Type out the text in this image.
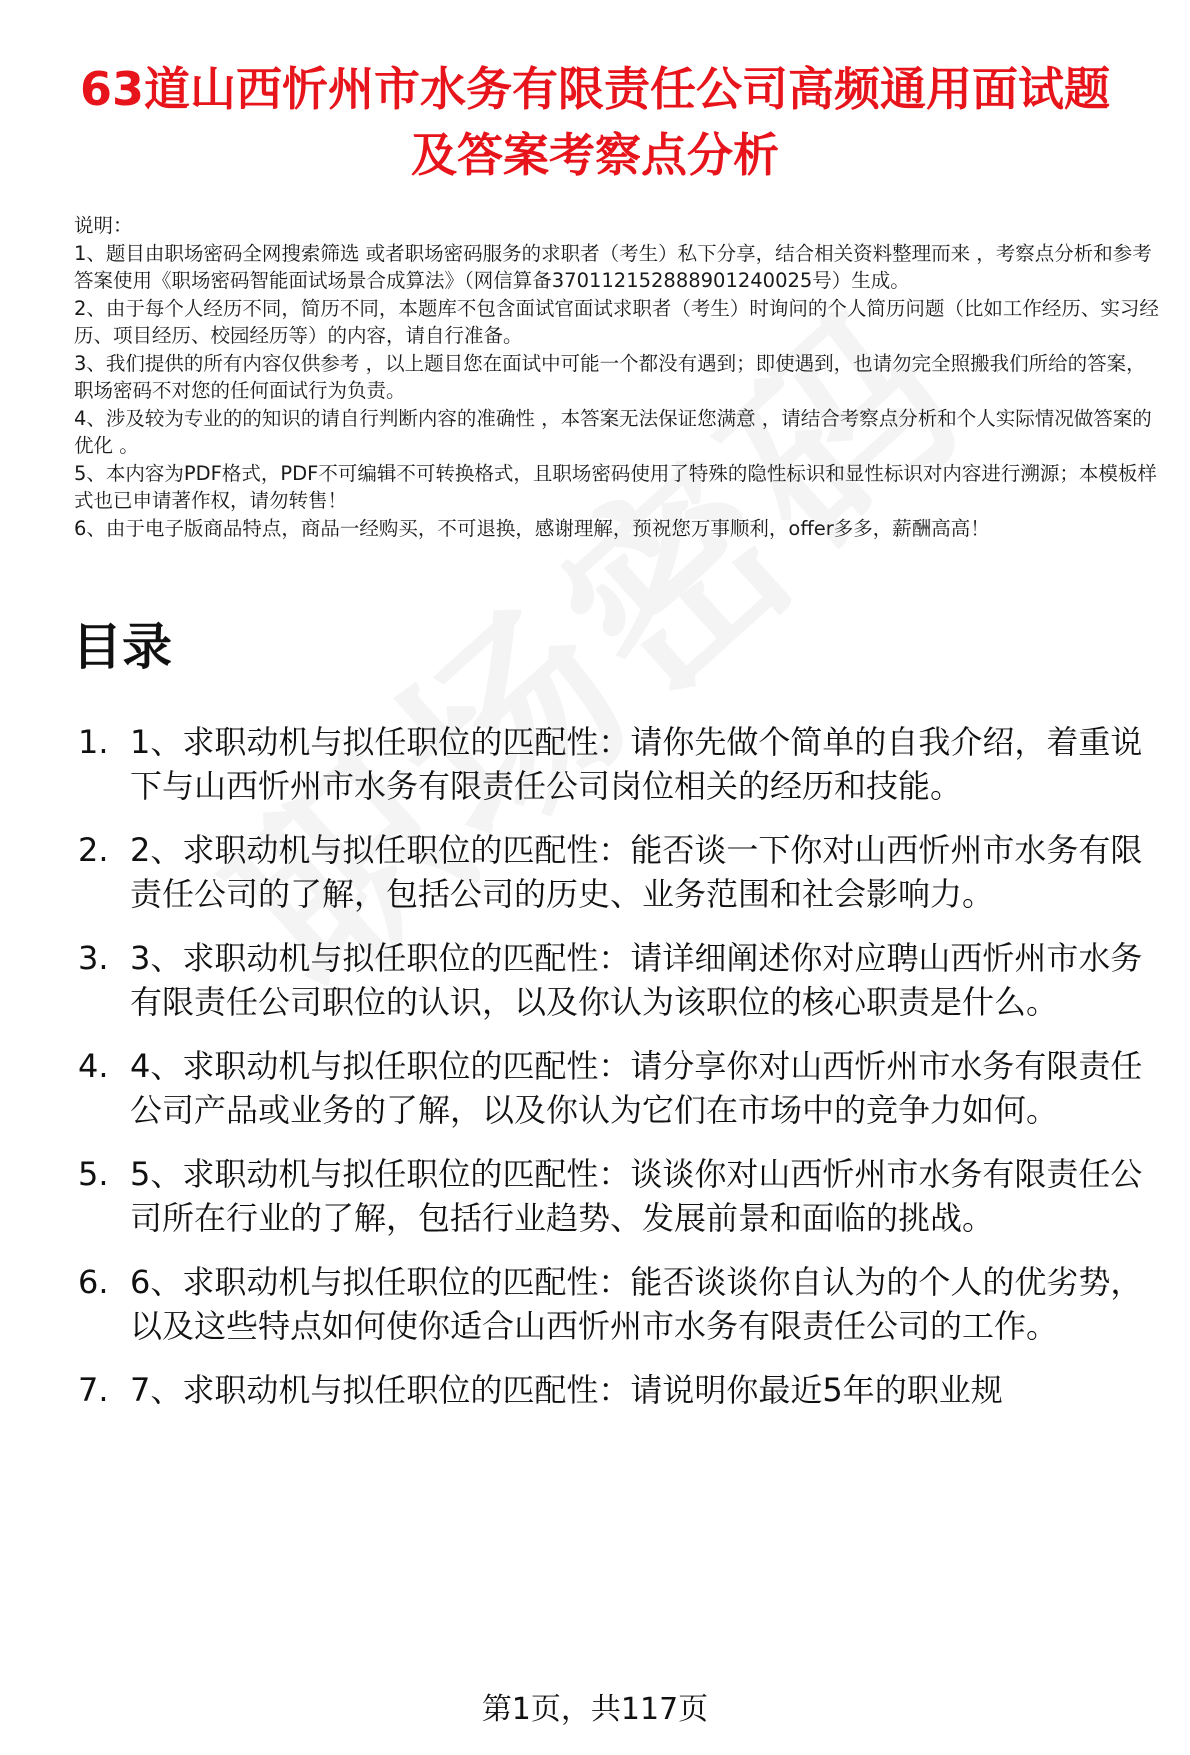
63道山西忻州市水务有限责任公司高频通用面试题及答案考察点分析
说明：
1、题目由职场密码全网搜索筛选 或者职场密码服务的求职者（考生）私下分享，结合相关资料整理而来 ，考察点分析和参考答案使用《职场密码智能面试场景合成算法》（网信算备370112152888901240025号）生成。
2、由于每个人经历不同，简历不同，本题库不包含面试官面试求职者（考生）时询问的个人简历问题（比如工作经历、实习经历、项目经历、校园经历等）的内容，请自行准备。
3、我们提供的所有内容仅供参考 ，以上题目您在面试中可能一个都没有遇到；即使遇到，也请勿完全照搬我们所给的答案，职场密码不对您的任何面试行为负责。
4、涉及较为专业的的知识的请自行判断内容的准确性 ，本答案无法保证您满意 ，请结合考察点分析和个人实际情况做答案的优化 。
5、本内容为PDF格式，PDF不可编辑不可转换格式，且职场密码使用了特殊的隐性标识和显性标识对内容进行溯源；本模板样式也已申请著作权，请勿转售！
6、由于电子版商品特点，商品一经购买，不可退换，感谢理解，预祝您万事顺利，offer多多，薪酬高高！
目录
1. 1、求职动机与拟任职位的匹配性：请你先做个简单的自我介绍，着重说下与山西忻州市水务有限责任公司岗位相关的经历和技能。
2. 2、求职动机与拟任职位的匹配性：能否谈一下你对山西忻州市水务有限责任公司的了解，包括公司的历史、业务范围和社会影响力。
3. 3、求职动机与拟任职位的匹配性：请详细阐述你对应聘山西忻州市水务有限责任公司职位的认识，以及你认为该职位的核心职责是什么。
4. 4、求职动机与拟任职位的匹配性：请分享你对山西忻州市水务有限责任公司产品或业务的了解，以及你认为它们在市场中的竞争力如何。
5. 5、求职动机与拟任职位的匹配性：谈谈你对山西忻州市水务有限责任公司所在行业的了解，包括行业趋势、发展前景和面临的挑战。
6. 6、求职动机与拟任职位的匹配性：能否谈谈你自认为的个人的优劣势，以及这些特点如何使你适合山西忻州市水务有限责任公司的工作。
7. 7、求职动机与拟任职位的匹配性：请说明你最近5年的职业规
第1页，共117页
